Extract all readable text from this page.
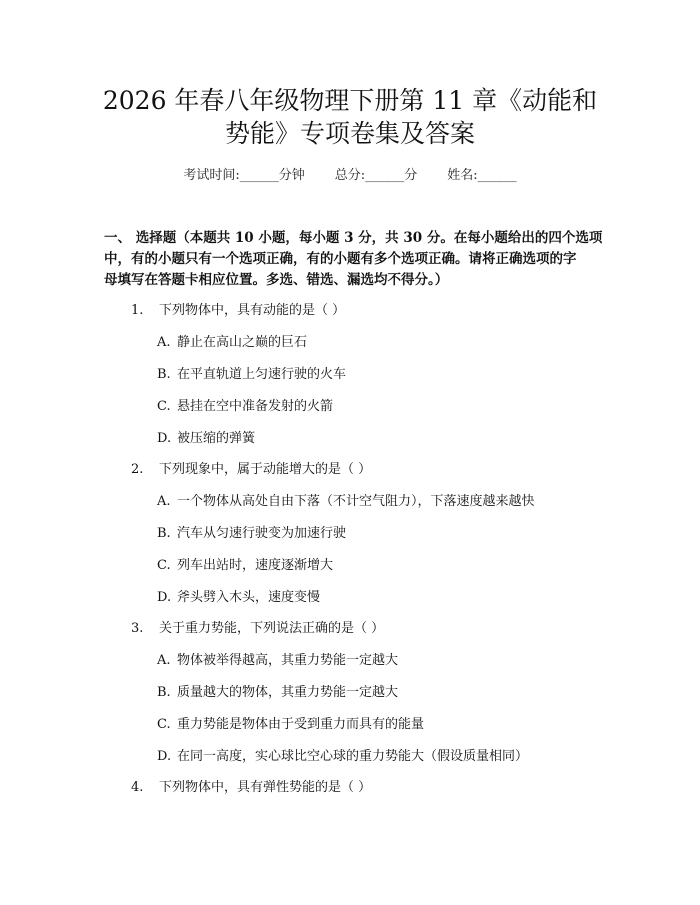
2026 年春八年级物理下册第 11 章《动能和
势能》专项卷集及答案
考试时间:______分钟 总分:______分 姓名:______
一、 选择题（本题共 10 小题，每小题 3 分，共 30 分。在每小题给出的四个选项
中，有的小题只有一个选项正确，有的小题有多个选项正确。请将正确选项的字
母填写在答题卡相应位置。多选、错选、漏选均不得分。）
1. 下列物体中，具有动能的是（ ）
A. 静止在高山之巅的巨石
B. 在平直轨道上匀速行驶的火车
C. 悬挂在空中准备发射的火箭
D. 被压缩的弹簧
2. 下列现象中，属于动能增大的是（ ）
A. 一个物体从高处自由下落（不计空气阻力），下落速度越来越快
B. 汽车从匀速行驶变为加速行驶
C. 列车出站时，速度逐渐增大
D. 斧头劈入木头，速度变慢
3. 关于重力势能，下列说法正确的是（ ）
A. 物体被举得越高，其重力势能一定越大
B. 质量越大的物体，其重力势能一定越大
C. 重力势能是物体由于受到重力而具有的能量
D. 在同一高度，实心球比空心球的重力势能大（假设质量相同）
4. 下列物体中，具有弹性势能的是（ ）
